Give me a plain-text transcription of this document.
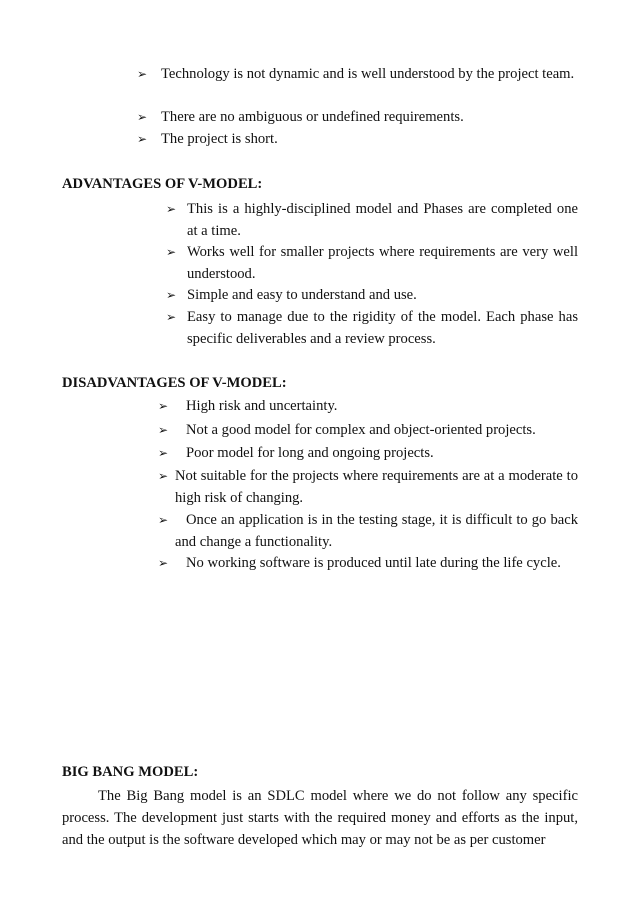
➢ Technology is not dynamic and is well understood by the project team.
➢ There are no ambiguous or undefined requirements.
➢ The project is short.
ADVANTAGES OF V-MODEL:
➢ This is a highly-disciplined model and Phases are completed one at a time.
➢ Works well for smaller projects where requirements are very well understood.
➢ Simple and easy to understand and use.
➢ Easy to manage due to the rigidity of the model. Each phase has specific deliverables and a review process.
DISADVANTAGES OF V-MODEL:
➢	High risk and uncertainty.
➢	Not a good model for complex and object-oriented projects.
➢	Poor model for long and ongoing projects.
➢ Not suitable for the projects where requirements are at a moderate to high risk of changing.
➢	Once an application is in the testing stage, it is difficult to go back and change a functionality.
➢	No working software is produced until late during the life cycle.
BIG BANG MODEL:
The Big Bang model is an SDLC model where we do not follow any specific process. The development just starts with the required money and efforts as the input, and the output is the software developed which may or may not be as per customer
